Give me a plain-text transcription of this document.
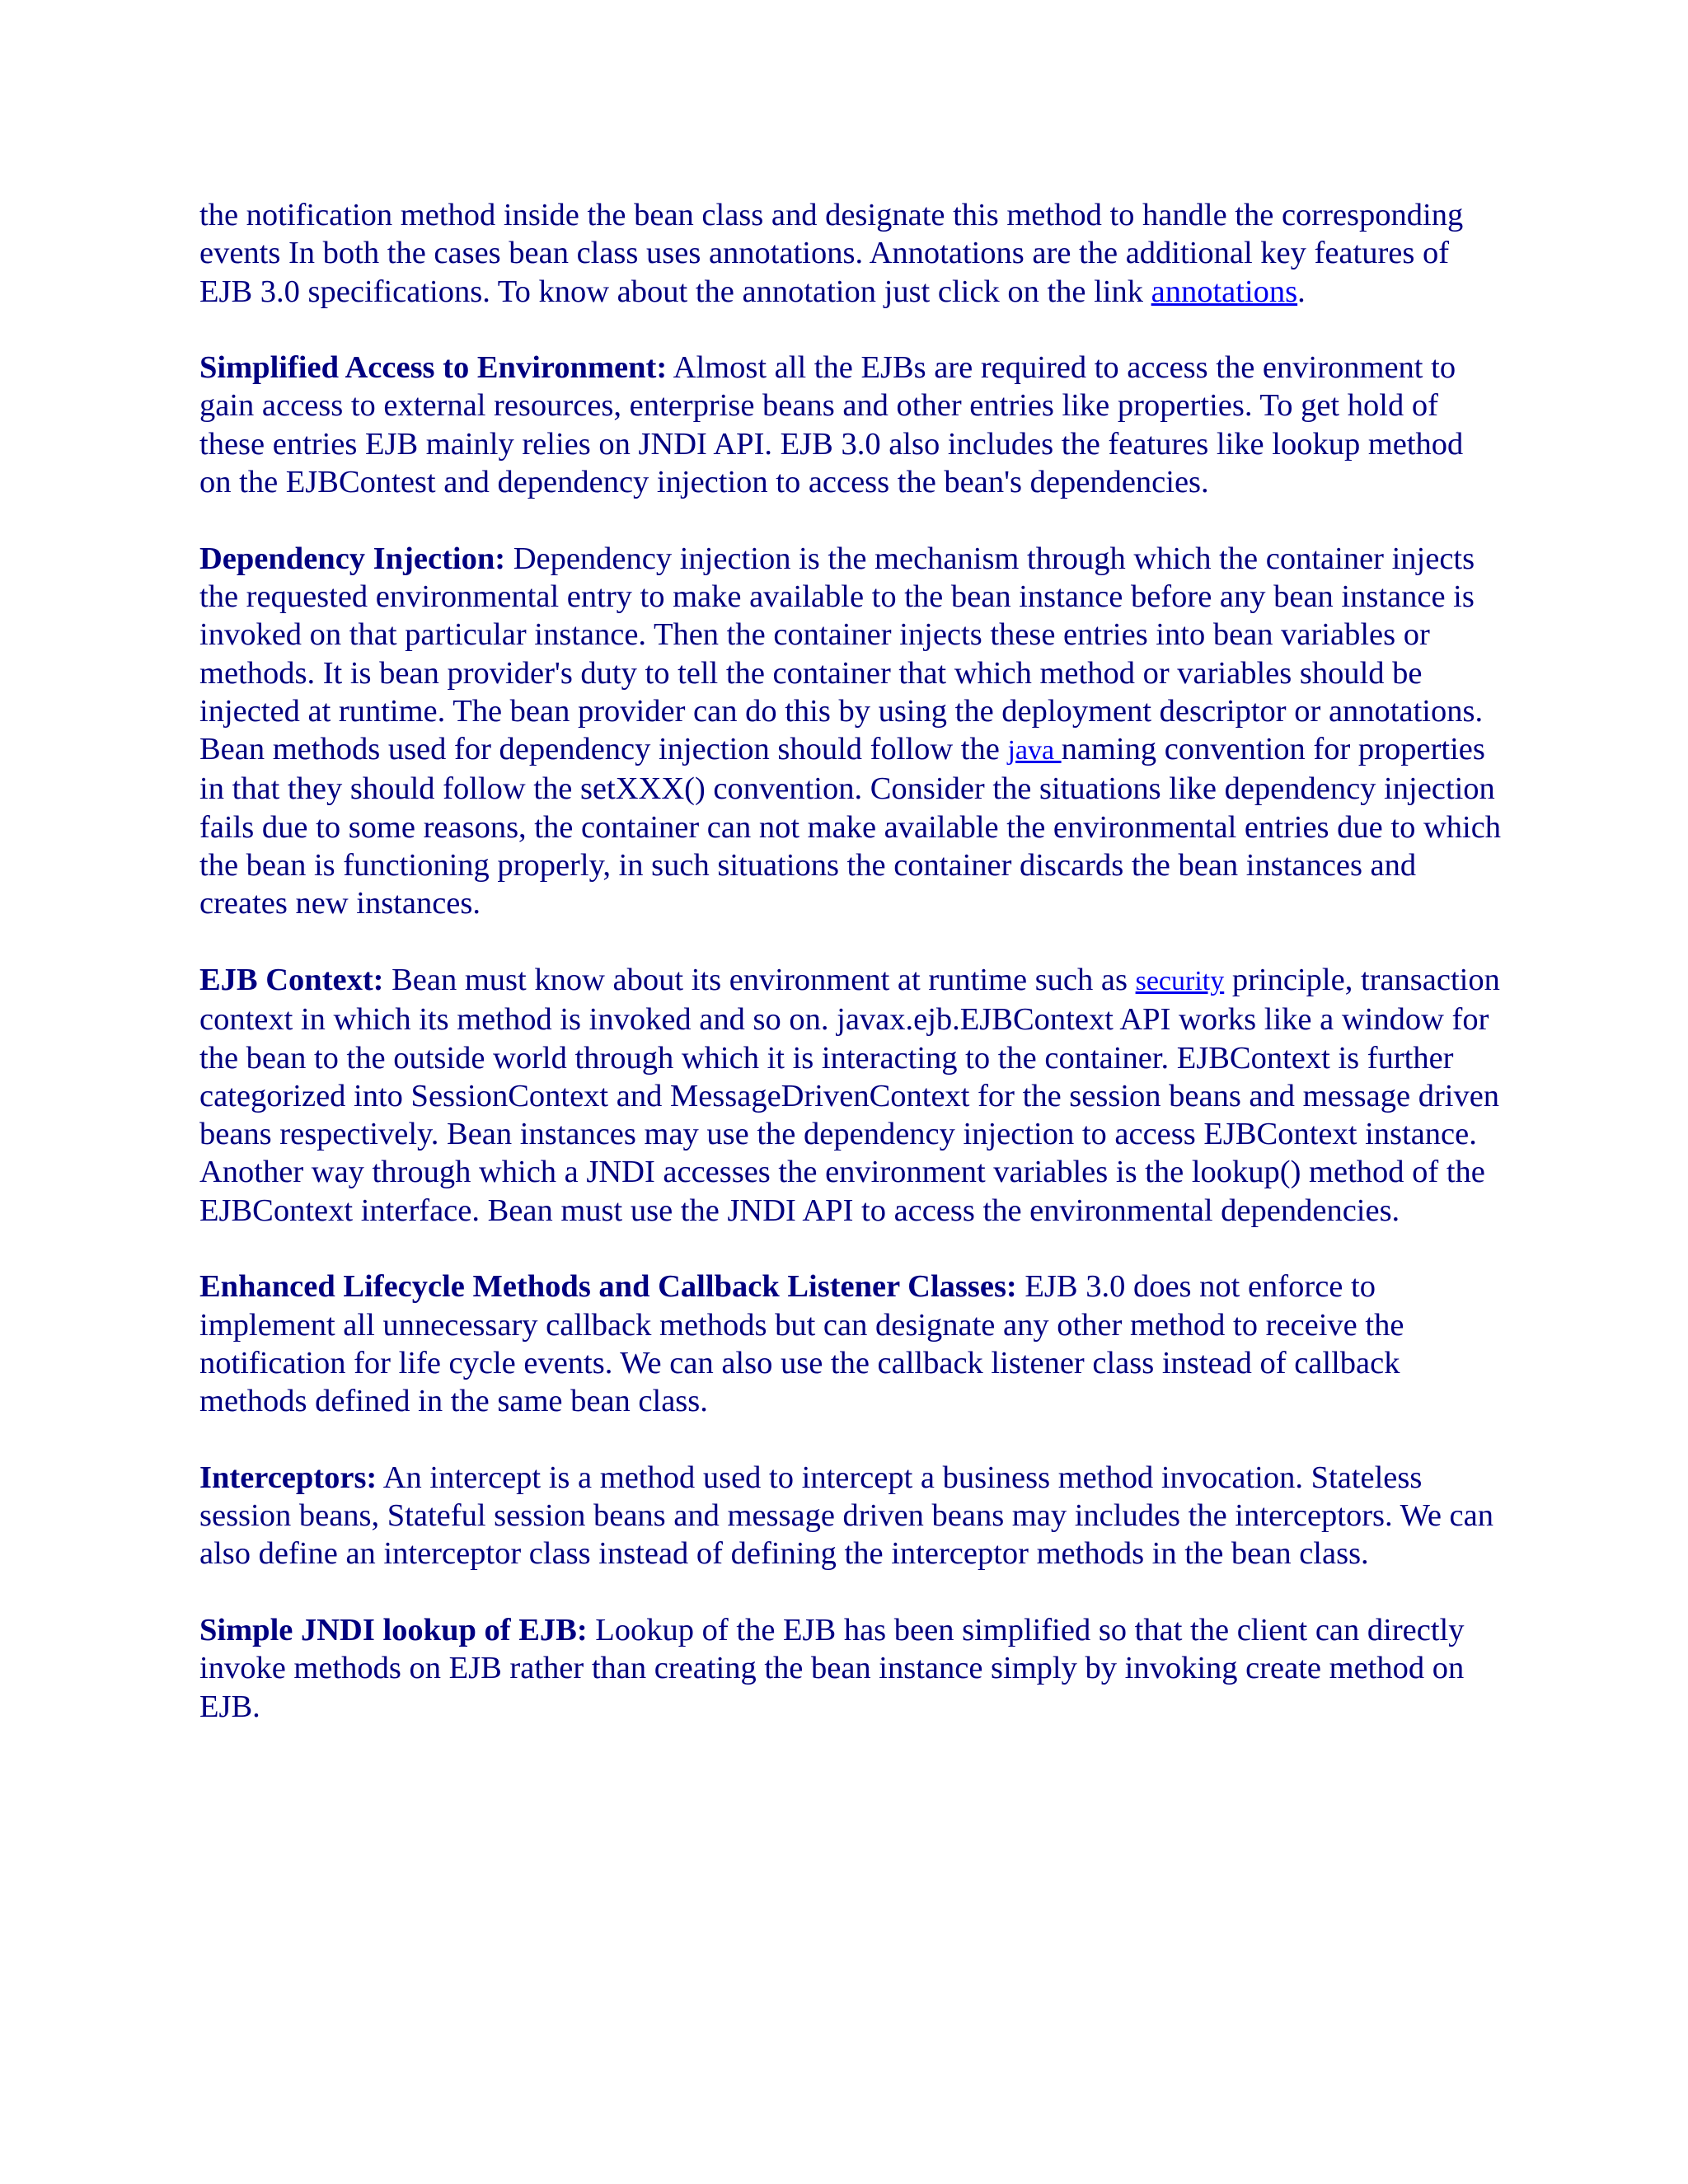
the notification method inside the bean class and designate this method to handle the corresponding events In both the cases bean class uses annotations. Annotations are the additional key features of EJB 3.0 specifications. To know about the annotation just click on the link annotations.

Simplified Access to Environment: Almost all the EJBs are required to access the environment to gain access to external resources, enterprise beans and other entries like properties. To get hold of these entries EJB mainly relies on JNDI API. EJB 3.0 also includes the features like lookup method on the EJBContest and dependency injection to access the bean's dependencies.

Dependency Injection: Dependency injection is the mechanism through which the container injects the requested environmental entry to make available to the bean instance before any bean instance is invoked on that particular instance. Then the container injects these entries into bean variables or methods. It is bean provider's duty to tell the container that which method or variables should be injected at runtime. The bean provider can do this by using the deployment descriptor or annotations. Bean methods used for dependency injection should follow the java naming convention for properties in that they should follow the setXXX() convention. Consider the situations like dependency injection fails due to some reasons, the container can not make available the environmental entries due to which the bean is functioning properly, in such situations the container discards the bean instances and creates new instances.

EJB Context: Bean must know about its environment at runtime such as security principle, transaction context in which its method is invoked and so on. javax.ejb.EJBContext API works like a window for the bean to the outside world through which it is interacting to the container. EJBContext is further categorized into SessionContext and MessageDrivenContext for the session beans and message driven beans respectively. Bean instances may use the dependency injection to access EJBContext instance. Another way through which a JNDI accesses the environment variables is the lookup() method of the EJBContext interface. Bean must use the JNDI API to access the environmental dependencies.

Enhanced Lifecycle Methods and Callback Listener Classes: EJB 3.0 does not enforce to implement all unnecessary callback methods but can designate any other method to receive the notification for life cycle events. We can also use the callback listener class instead of callback methods defined in the same bean class.

Interceptors: An intercept is a method used to intercept a business method invocation. Stateless session beans, Stateful session beans and message driven beans may includes the interceptors. We can also define an interceptor class instead of defining the interceptor methods in the bean class.

Simple JNDI lookup of EJB: Lookup of the EJB has been simplified so that the client can directly invoke methods on EJB rather than creating the bean instance simply by invoking create method on EJB.
